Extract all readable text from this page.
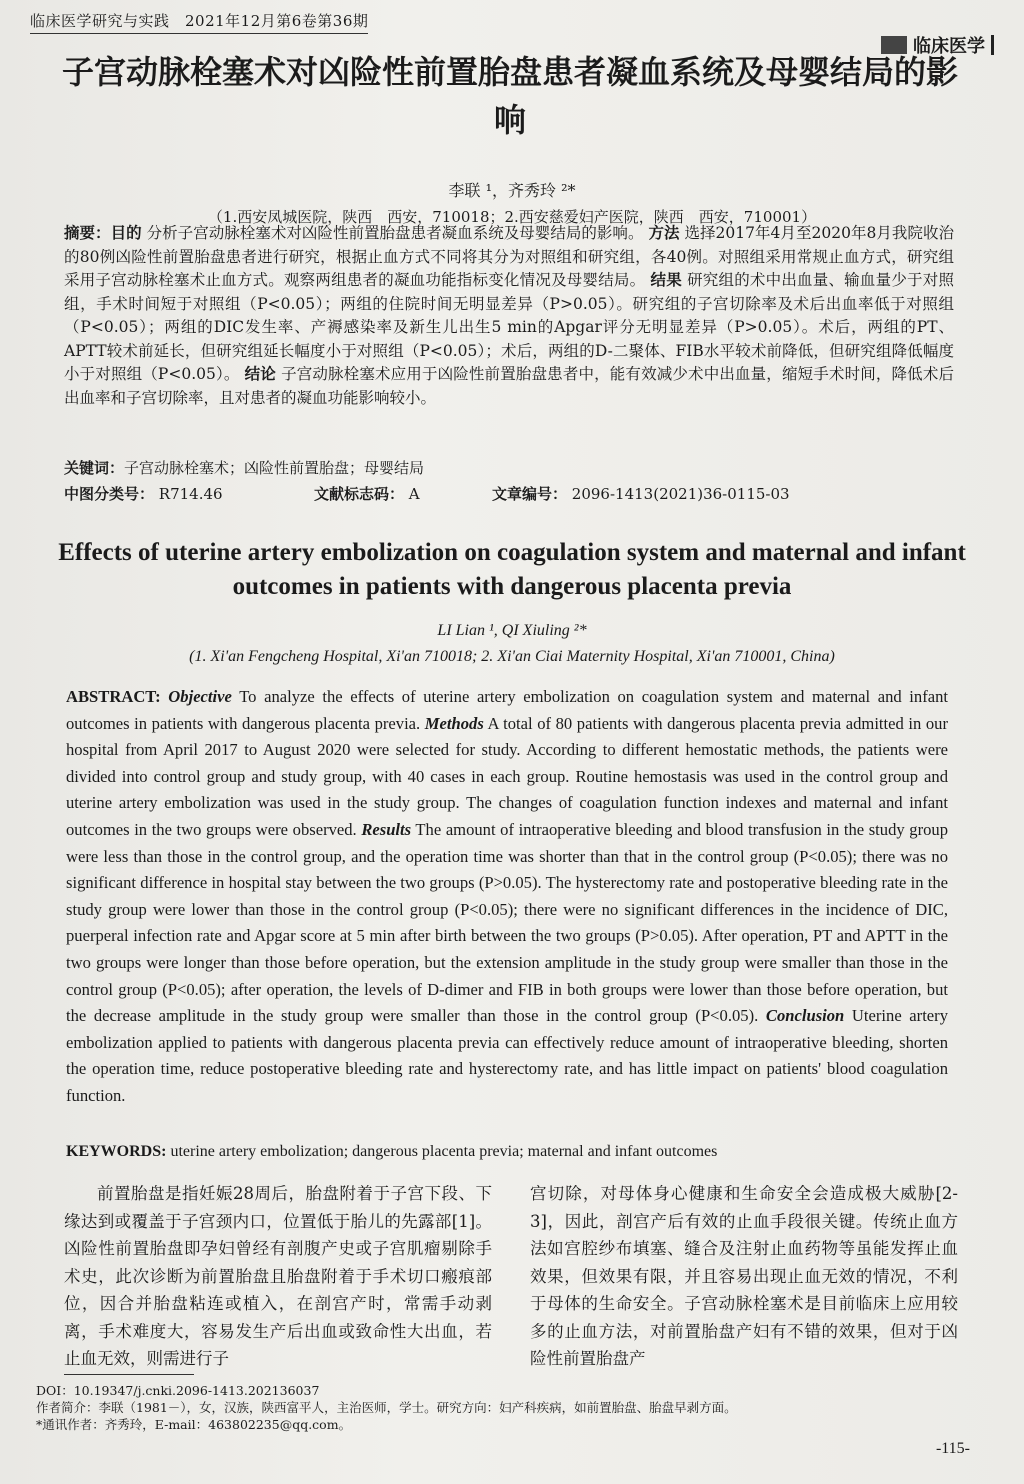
临床医学研究与实践　2021年12月第6卷第36期
临床医学
子宫动脉栓塞术对凶险性前置胎盘患者凝血系统及母婴结局的影响
李联 ¹，齐秀玲 ²*
（1.西安凤城医院，陕西　西安，710018；2.西安慈爱妇产医院，陕西　西安，710001）
摘要：目的 分析子宫动脉栓塞术对凶险性前置胎盘患者凝血系统及母婴结局的影响。 方法 选择2017年4月至2020年8月我院收治的80例凶险性前置胎盘患者进行研究，根据止血方式不同将其分为对照组和研究组，各40例。对照组采用常规止血方式，研究组采用子宫动脉栓塞术止血方式。观察两组患者的凝血功能指标变化情况及母婴结局。 结果 研究组的术中出血量、输血量少于对照组，手术时间短于对照组（P<0.05）；两组的住院时间无明显差异（P>0.05）。研究组的子宫切除率及术后出血率低于对照组（P<0.05）；两组的DIC发生率、产褥感染率及新生儿出生5 min的Apgar评分无明显差异（P>0.05）。术后，两组的PT、APTT较术前延长，但研究组延长幅度小于对照组（P<0.05）；术后，两组的D-二聚体、FIB水平较术前降低，但研究组降低幅度小于对照组（P<0.05）。 结论 子宫动脉栓塞术应用于凶险性前置胎盘患者中，能有效减少术中出血量，缩短手术时间，降低术后出血率和子宫切除率，且对患者的凝血功能影响较小。
关键词：子宫动脉栓塞术；凶险性前置胎盘；母婴结局
中图分类号： R714.46	文献标志码： A	文章编号： 2096-1413(2021)36-0115-03
Effects of uterine artery embolization on coagulation system and maternal and infant outcomes in patients with dangerous placenta previa
LI Lian ¹, QI Xiuling ²*
(1. Xi'an Fengcheng Hospital, Xi'an 710018; 2. Xi'an Ciai Maternity Hospital, Xi'an 710001, China)
ABSTRACT: Objective To analyze the effects of uterine artery embolization on coagulation system and maternal and infant outcomes in patients with dangerous placenta previa. Methods A total of 80 patients with dangerous placenta previa admitted in our hospital from April 2017 to August 2020 were selected for study. According to different hemostatic methods, the patients were divided into control group and study group, with 40 cases in each group. Routine hemostasis was used in the control group and uterine artery embolization was used in the study group. The changes of coagulation function indexes and maternal and infant outcomes in the two groups were observed. Results The amount of intraoperative bleeding and blood transfusion in the study group were less than those in the control group, and the operation time was shorter than that in the control group (P<0.05); there was no significant difference in hospital stay between the two groups (P>0.05). The hysterectomy rate and postoperative bleeding rate in the study group were lower than those in the control group (P<0.05); there were no significant differences in the incidence of DIC, puerperal infection rate and Apgar score at 5 min after birth between the two groups (P>0.05). After operation, PT and APTT in the two groups were longer than those before operation, but the extension amplitude in the study group were smaller than those in the control group (P<0.05); after operation, the levels of D-dimer and FIB in both groups were lower than those before operation, but the decrease amplitude in the study group were smaller than those in the control group (P<0.05). Conclusion Uterine artery embolization applied to patients with dangerous placenta previa can effectively reduce amount of intraoperative bleeding, shorten the operation time, reduce postoperative bleeding rate and hysterectomy rate, and has little impact on patients' blood coagulation function.
KEYWORDS: uterine artery embolization; dangerous placenta previa; maternal and infant outcomes
前置胎盘是指妊娠28周后，胎盘附着于子宫下段、下缘达到或覆盖于子宫颈内口，位置低于胎儿的先露部[1]。凶险性前置胎盘即孕妇曾经有剖腹产史或子宫肌瘤剔除手术史，此次诊断为前置胎盘且胎盘附着于手术切口瘢痕部位，因合并胎盘粘连或植入，在剖宫产时，常需手动剥离，手术难度大，容易发生产后出血或致命性大出血，若止血无效，则需进行子
宫切除，对母体身心健康和生命安全会造成极大威胁[2-3]，因此，剖宫产后有效的止血手段很关键。传统止血方法如宫腔纱布填塞、缝合及注射止血药物等虽能发挥止血效果，但效果有限，并且容易出现止血无效的情况，不利于母体的生命安全。子宫动脉栓塞术是目前临床上应用较多的止血方法，对前置胎盘产妇有不错的效果，但对于凶险性前置胎盘产
DOI：10.19347/j.cnki.2096-1413.202136037
作者简介：李联（1981－），女，汉族，陕西富平人，主治医师，学士。研究方向：妇产科疾病，如前置胎盘、胎盘早剥方面。
*通讯作者：齐秀玲，E-mail：463802235@qq.com。
-115-
